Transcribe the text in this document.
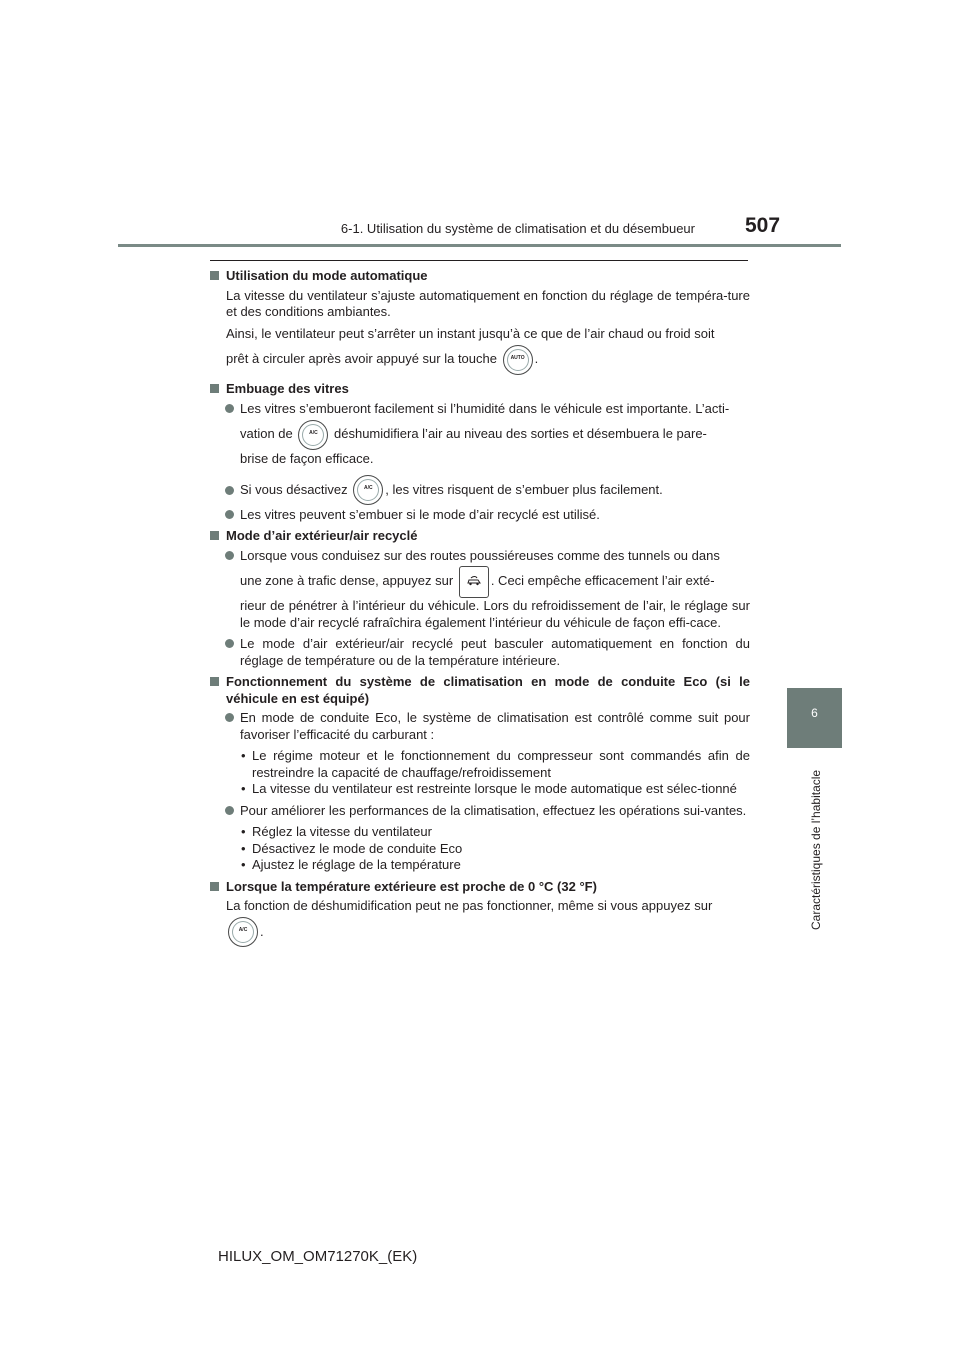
6-1. Utilisation du système de climatisation et du désembueur 507
6
Caractéristiques de l’habitacle
Utilisation du mode automatique

La vitesse du ventilateur s’ajuste automatiquement en fonction du réglage de tempéra-ture et des conditions ambiantes.

Ainsi, le ventilateur peut s’arrêter un instant jusqu’à ce que de l’air chaud ou froid soit

prêt à circuler après avoir appuyé sur la touche	AUTO .

Embuage des vitres
Les vitres s’embueront facilement si l’humidité dans le véhicule est importante. L’acti-
vation de	A/C	déshumidifiera l’air au niveau des sorties et désembuera le pare-
brise de façon efficace.
Si vous désactivez	A/C , les vitres risquent de s’embuer plus facilement.
Les vitres peuvent s’embuer si le mode d’air recyclé est utilisé.
Mode d’air extérieur/air recyclé
Lorsque vous conduisez sur des routes poussiéreuses comme des tunnels ou dans
une zone à trafic dense, appuyez sur	. Ceci empêche efficacement l’air exté-
rieur de pénétrer à l’intérieur du véhicule. Lors du refroidissement de l’air, le réglage sur le mode d’air recyclé rafraîchira également l’intérieur du véhicule de façon effi-cace.
Le mode d’air extérieur/air recyclé peut basculer automatiquement en fonction du réglage de température ou de la température intérieure.
Fonctionnement du système de climatisation en mode de conduite Eco (si le véhicule en est équipé)
En mode de conduite Eco, le système de climatisation est contrôlé comme suit pour favoriser l’efficacité du carburant :
• Le régime moteur et le fonctionnement du compresseur sont commandés afin de restreindre la capacité de chauffage/refroidissement
• La vitesse du ventilateur est restreinte lorsque le mode automatique est sélec-tionné
Pour améliorer les performances de la climatisation, effectuez les opérations sui-vantes.
• Réglez la vitesse du ventilateur
• Désactivez le mode de conduite Eco
• Ajustez le réglage de la température
Lorsque la température extérieure est proche de 0 °C (32 °F)

La fonction de déshumidification peut ne pas fonctionner, même si vous appuyez sur

A/C .

HILUX_OM_OM71270K_(EK)
